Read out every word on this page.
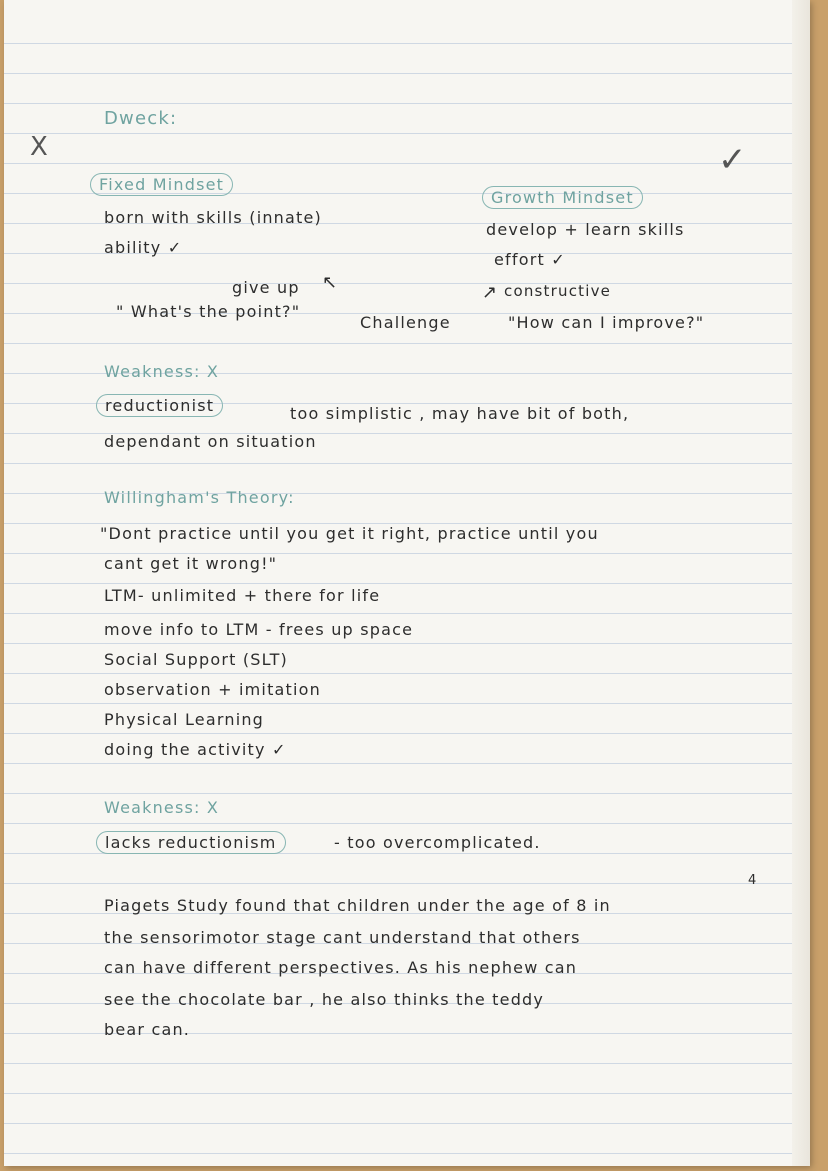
X
Dweck:
Fixed Mindset
born with skills (innate)
ability ✓
give up ↖
" What's the point?"
Challenge
✓
Growth Mindset
develop + learn skills
effort ✓
↗ constructive
"How can I improve?"
Weakness: X
reductionist	too simplistic , may have bit of both,
dependant on situation
Willingham's Theory:
"Dont practice until you get it right, practice until you
cant get it wrong!"
LTM- unlimited + there for life
move info to LTM - frees up space
Social Support (SLT)
observation + imitation
Physical Learning
doing the activity ✓
Weakness: X
lacks reductionism	- too overcomplicated.
4
Piagets Study found that children under the age of 8 in
the sensorimotor stage cant understand that others
can have different perspectives. As his nephew can
see the chocolate bar , he also thinks the teddy
bear can.
